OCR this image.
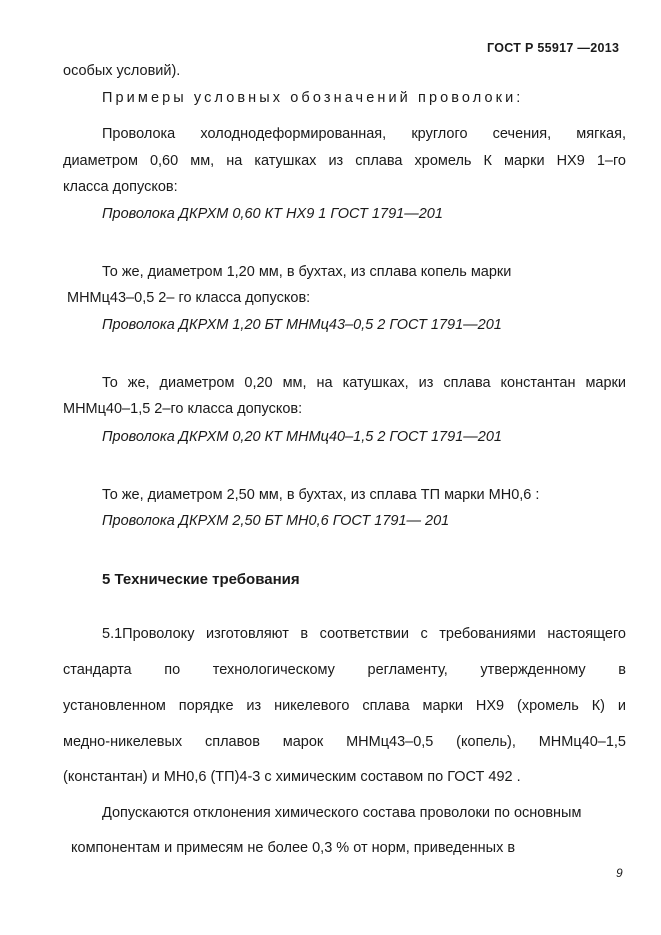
ГОСТ Р 55917 —2013
особых условий).
Примеры условных обозначений проволоки:
Проволока холоднодеформированная, круглого сечения, мягкая,
диаметром 0,60 мм, на катушках из сплава хромель К марки НХ9 1–го
класса допусков:
Проволока ДКРХМ 0,60 КТ НХ9 1 ГОСТ 1791—201
То же, диаметром 1,20 мм, в бухтах, из сплава копель марки
МНМц43–0,5 2– го класса допусков:
Проволока ДКРХМ 1,20 БТ МНМц43–0,5 2 ГОСТ 1791—201
То же, диаметром 0,20 мм, на катушках, из сплава константан марки
МНМц40–1,5 2–го класса допусков:
Проволока ДКРХМ 0,20 КТ МНМц40–1,5 2 ГОСТ 1791—201
То же, диаметром 2,50 мм, в бухтах, из сплава ТП марки МН0,6 :
Проволока ДКРХМ 2,50 БТ МН0,6 ГОСТ 1791— 201
5 Технические требования
5.1Проволоку изготовляют в соответствии с требованиями настоящего
стандарта по технологическому регламенту, утвержденному в
установленном порядке из никелевого сплава марки НХ9 (хромель К) и
медно-никелевых сплавов марок МНМц43–0,5 (копель), МНМц40–1,5
(константан) и МН0,6 (ТП)4-3 с химическим составом по ГОСТ 492 .
Допускаются отклонения химического состава проволоки по основным
компонентам и примесям не более 0,3 % от норм, приведенных в
9
